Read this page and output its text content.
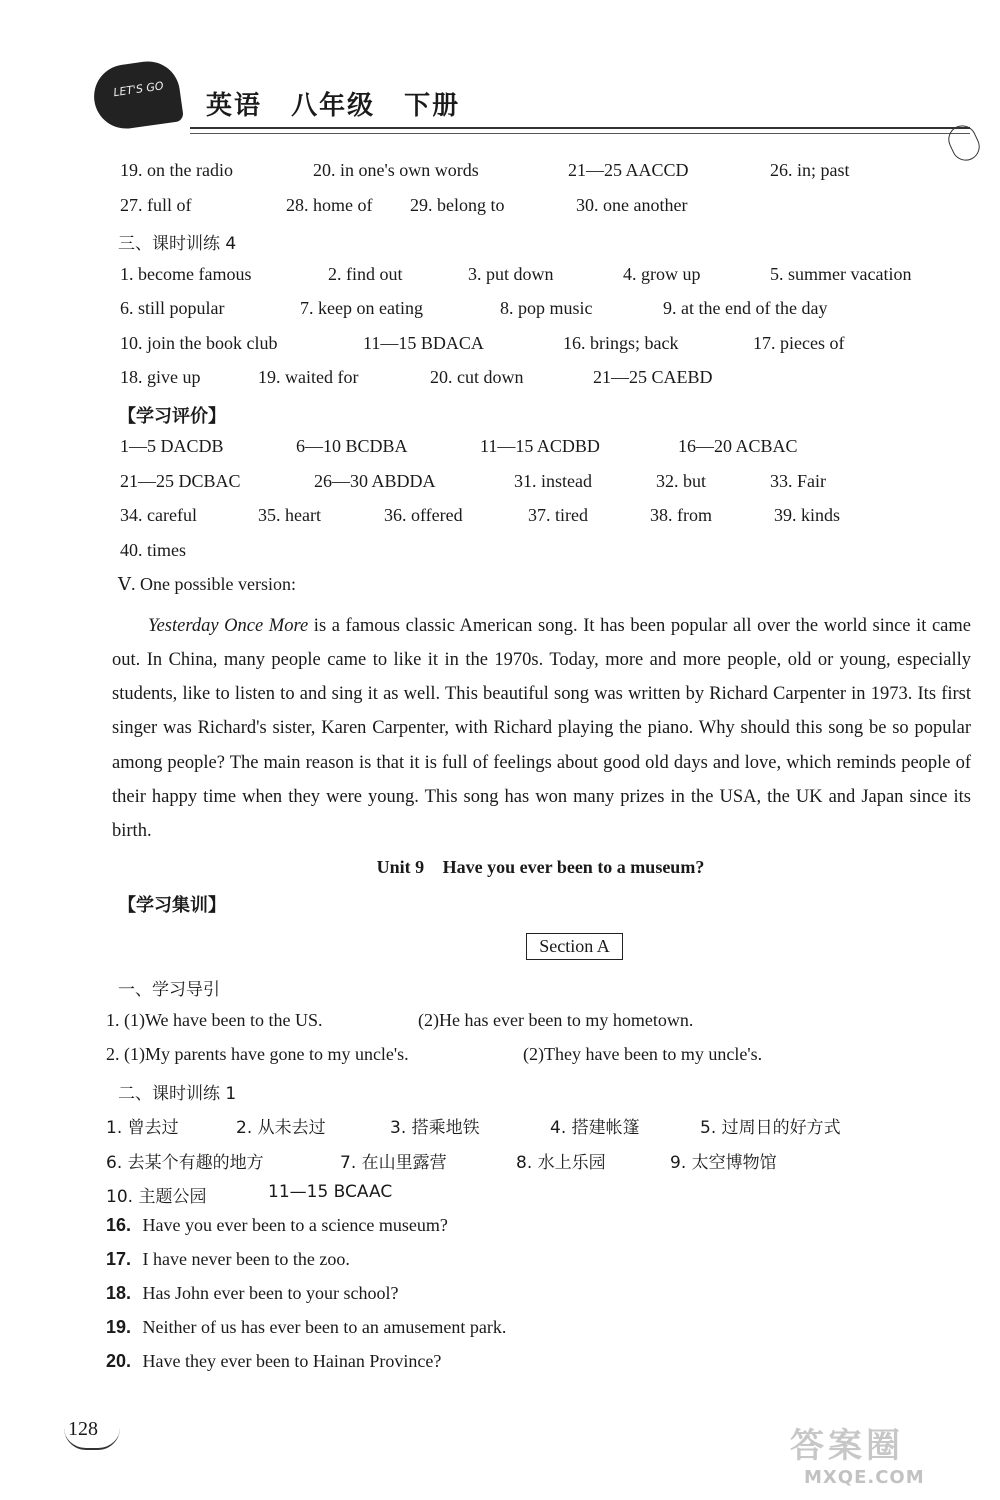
LET'S GO
英语 八年级 下册
19. on the radio	20. in one's own words	21—25 AACCD	26. in; past
27. full of	28. home of 29. belong to	30. one another
三、课时训练 4
1. become famous	2. find out	3. put down	4. grow up	5. summer vacation
6. still popular	7. keep on eating	8. pop music	9. at the end of the day
10. join the book club	11—15 BDACA	16. brings; back	17. pieces of
18. give up	19. waited for	20. cut down	21—25 CAEBD
【学习评价】
1—5 DACDB	6—10 BCDBA	11—15 ACDBD	16—20 ACBAC
21—25 DCBAC	26—30 ABDDA	31. instead	32. but	33. Fair
34. careful	35. heart	36. offered	37. tired	38. from	39. kinds
40. times
Ⅴ. One possible version:
Yesterday Once More is a famous classic American song. It has been popular all over the world since it came out. In China, many people came to like it in the 1970s. Today, more and more people, old or young, especially students, like to listen to and sing it as well. This beautiful song was written by Richard Carpenter in 1973. Its first singer was Richard's sister, Karen Carpenter, with Richard playing the piano. Why should this song be so popular among people? The main reason is that it is full of feelings about good old days and love, which reminds people of their happy time when they were young. This song has won many prizes in the USA, the UK and Japan since its birth.
Unit 9 Have you ever been to a museum?
【学习集训】
Section A
一、学习导引
1. (1)We have been to the US.	(2)He has ever been to my hometown.
2. (1)My parents have gone to my uncle's.	(2)They have been to my uncle's.
二、课时训练 1
1. 曾去过	2. 从未去过	3. 搭乘地铁	4. 搭建帐篷	5. 过周日的好方式
6. 去某个有趣的地方	7. 在山里露营	8. 水上乐园	9. 太空博物馆
10. 主题公园	11—15 BCAAC
16. Have you ever been to a science museum?
17. I have never been to the zoo.
18. Has John ever been to your school?
19. Neither of us has ever been to an amusement park.
20. Have they ever been to Hainan Province?
128	答案圈
MXQE.COM
